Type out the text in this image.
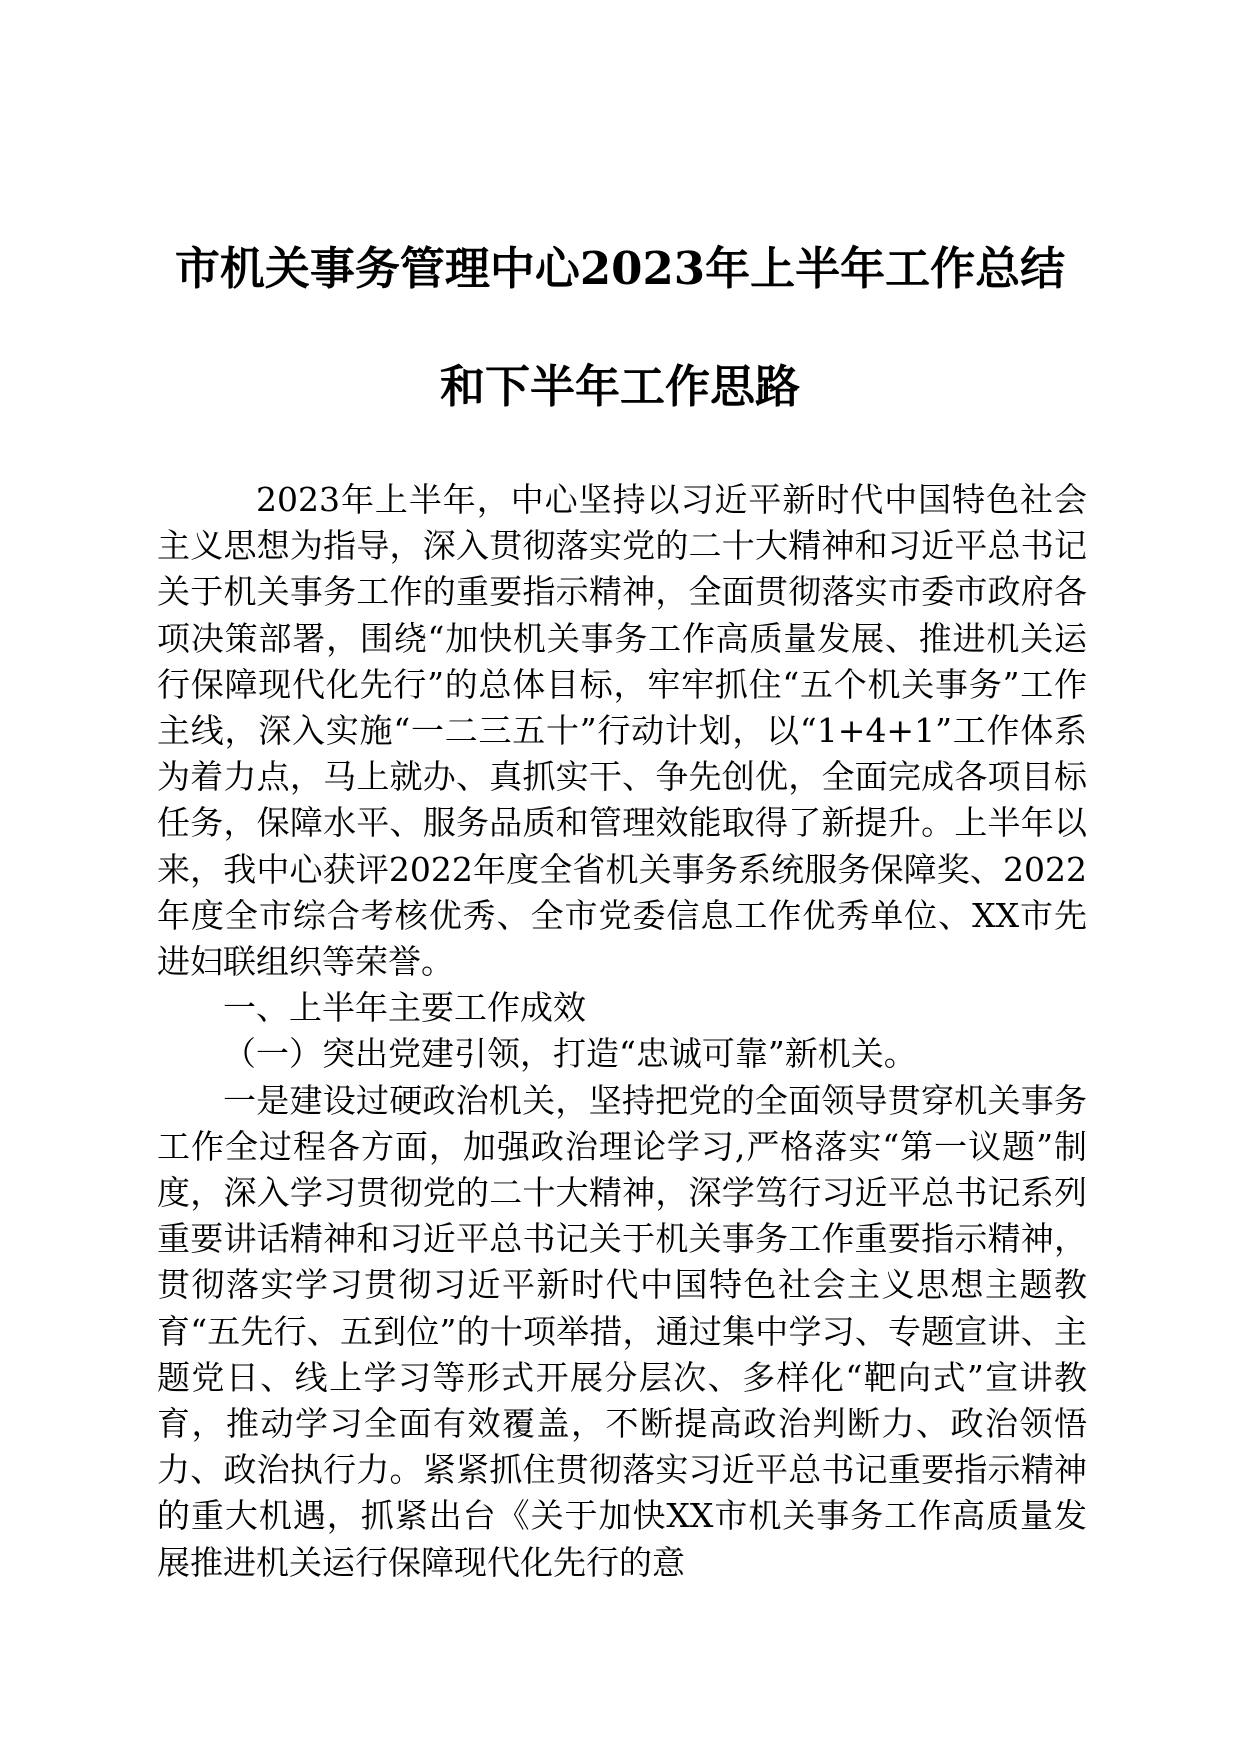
市机关事务管理中心2023年上半年工作总结
和下半年工作思路

2023年上半年，中心坚持以习近平新时代中国特色社会主义思想为指导，深入贯彻落实党的二十大精神和习近平总书记关于机关事务工作的重要指示精神，全面贯彻落实市委市政府各项决策部署，围绕“加快机关事务工作高质量发展、推进机关运行保障现代化先行”的总体目标，牢牢抓住“五个机关事务”工作主线，深入实施“一二三五十”行动计划，以“1+4+1”工作体系为着力点，马上就办、真抓实干、争先创优，全面完成各项目标任务，保障水平、服务品质和管理效能取得了新提升。上半年以来，我中心获评2022年度全省机关事务系统服务保障奖、2022年度全市综合考核优秀、全市党委信息工作优秀单位、XX市先进妇联组织等荣誉。

一、上半年主要工作成效

（一）突出党建引领，打造“忠诚可靠”新机关。

一是建设过硬政治机关，坚持把党的全面领导贯穿机关事务工作全过程各方面，加强政治理论学习,严格落实“第一议题”制度，深入学习贯彻党的二十大精神，深学笃行习近平总书记系列重要讲话精神和习近平总书记关于机关事务工作重要指示精神，贯彻落实学习贯彻习近平新时代中国特色社会主义思想主题教育“五先行、五到位”的十项举措，通过集中学习、专题宣讲、主题党日、线上学习等形式开展分层次、多样化“靶向式”宣讲教育，推动学习全面有效覆盖，不断提高政治判断力、政治领悟力、政治执行力。紧紧抓住贯彻落实习近平总书记重要指示精神的重大机遇，抓紧出台《关于加快XX市机关事务工作高质量发展推进机关运行保障现代化先行的意
